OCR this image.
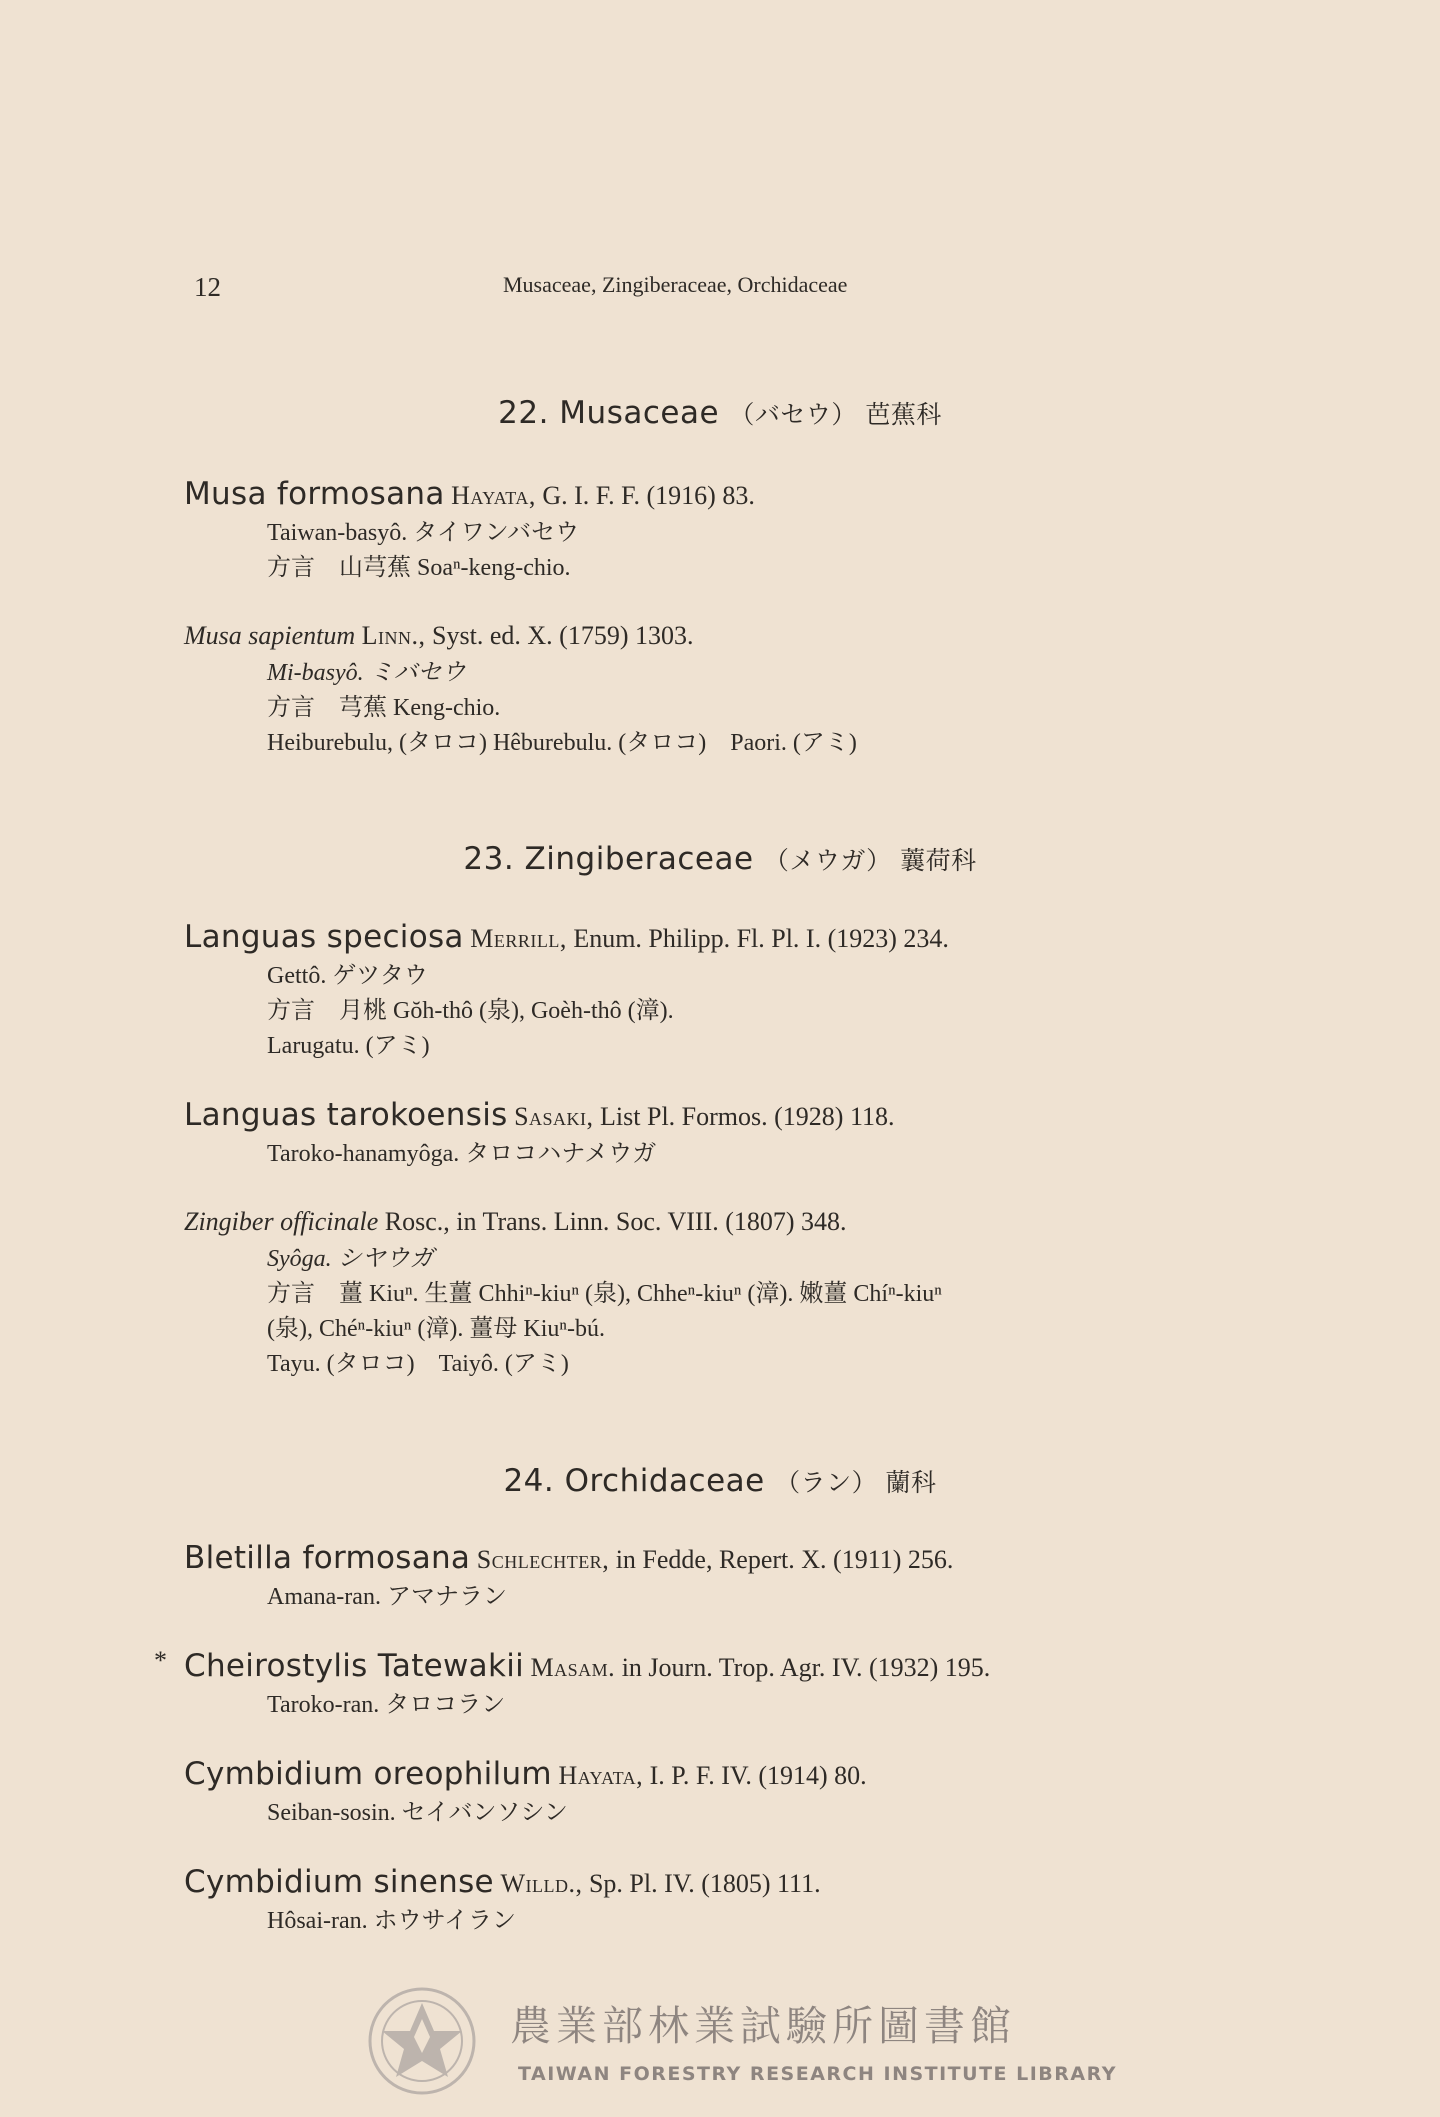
12	Musaceae, Zingiberaceae, Orchidaceae
22. Musaceae （バセウ） 芭蕉科
Musa formosana Hayata, G. I. F. F. (1916) 83.
Taiwan-basyô. タイワンバセウ
方言　山芎蕉 Soaⁿ-keng-chio.
Musa sapientum Linn., Syst. ed. X. (1759) 1303.
Mi-basyô. ミバセウ
方言　芎蕉 Keng-chio.
Heiburebulu, (タロコ) Hêburebulu. (タロコ)　Paori. (アミ)
23. Zingiberaceae （メウガ） 蘘荷科
Languas speciosa Merrill, Enum. Philipp. Fl. Pl. I. (1923) 234.
Gettô. ゲツタウ
方言　月桃 Gŏh-thô (泉), Goèh-thô (漳).
Larugatu. (アミ)
Languas tarokoensis Sasaki, List Pl. Formos. (1928) 118.
Taroko-hanamyôga. タロコハナメウガ
Zingiber officinale Rosc., in Trans. Linn. Soc. VIII. (1807) 348.
Syôga. シヤウガ
方言　薑 Kiuⁿ. 生薑 Chhiⁿ-kiuⁿ (泉), Chheⁿ-kiuⁿ (漳). 嫩薑 Chíⁿ-kiuⁿ
(泉), Chéⁿ-kiuⁿ (漳). 薑母 Kiuⁿ-bú.
Tayu. (タロコ)　Taiyô. (アミ)
24. Orchidaceae （ラン） 蘭科
Bletilla formosana Schlechter, in Fedde, Repert. X. (1911) 256.
Amana-ran. アマナラン
* Cheirostylis Tatewakii Masam. in Journ. Trop. Agr. IV. (1932) 195.
Taroko-ran. タロコラン
Cymbidium oreophilum Hayata, I. P. F. IV. (1914) 80.
Seiban-sosin. セイバンソシン
Cymbidium sinense Willd., Sp. Pl. IV. (1805) 111.
Hôsai-ran. ホウサイラン
農業部林業試驗所圖書館
TAIWAN FORESTRY RESEARCH INSTITUTE LIBRARY
